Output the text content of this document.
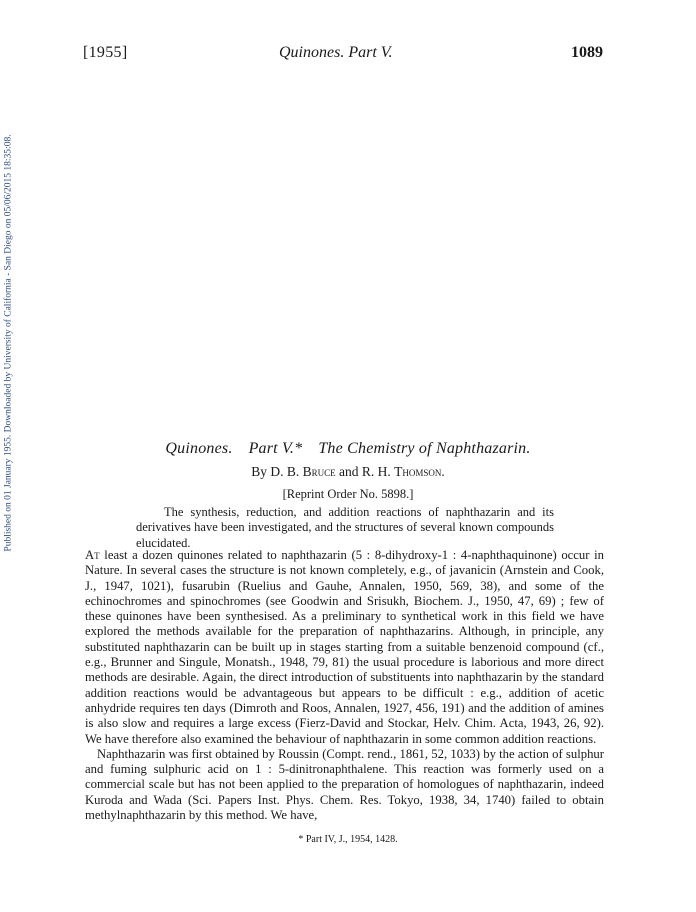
Published on 01 January 1955. Downloaded by University of California - San Diego on 05/06/2015 18:35:08.
[1955]	Quinones. Part V.	1089
Quinones. Part V.* The Chemistry of Naphthazarin.
By D. B. Bruce and R. H. Thomson.
[Reprint Order No. 5898.]
The synthesis, reduction, and addition reactions of naphthazarin and its derivatives have been investigated, and the structures of several known compounds elucidated.

At least a dozen quinones related to naphthazarin (5 : 8-dihydroxy-1 : 4-naphthaquinone) occur in Nature. In several cases the structure is not known completely, e.g., of javanicin (Arnstein and Cook, J., 1947, 1021), fusarubin (Ruelius and Gauhe, Annalen, 1950, 569, 38), and some of the echinochromes and spinochromes (see Goodwin and Srisukh, Biochem. J., 1950, 47, 69) ; few of these quinones have been synthesised. As a preliminary to synthetical work in this field we have explored the methods available for the preparation of naphthazarins. Although, in principle, any substituted naphthazarin can be built up in stages starting from a suitable benzenoid compound (cf., e.g., Brunner and Singule, Monatsh., 1948, 79, 81) the usual procedure is laborious and more direct methods are desirable. Again, the direct introduction of substituents into naphthazarin by the standard addition reactions would be advantageous but appears to be difficult : e.g., addition of acetic anhydride requires ten days (Dimroth and Roos, Annalen, 1927, 456, 191) and the addition of amines is also slow and requires a large excess (Fierz-David and Stockar, Helv. Chim. Acta, 1943, 26, 92). We have therefore also examined the behaviour of naphthazarin in some common addition reactions.

Naphthazarin was first obtained by Roussin (Compt. rend., 1861, 52, 1033) by the action of sulphur and fuming sulphuric acid on 1 : 5-dinitronaphthalene. This reaction was formerly used on a commercial scale but has not been applied to the preparation of homologues of naphthazarin, indeed Kuroda and Wada (Sci. Papers Inst. Phys. Chem. Res. Tokyo, 1938, 34, 1740) failed to obtain methylnaphthazarin by this method. We have,

* Part IV, J., 1954, 1428.
